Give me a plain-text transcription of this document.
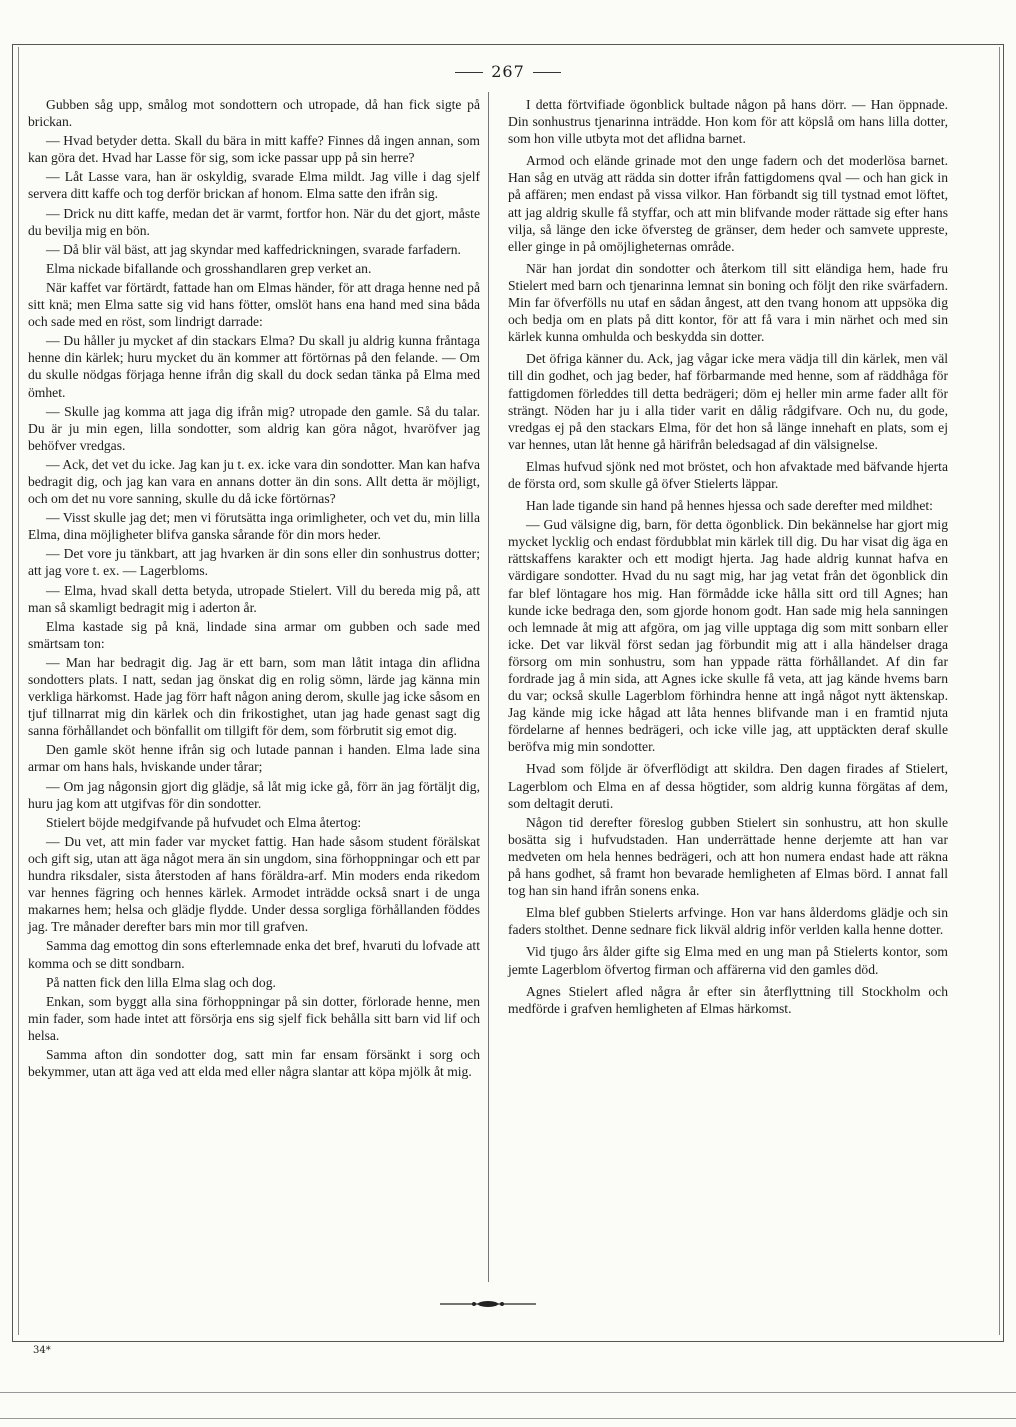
267

Gubben såg upp, smålog mot sondottern och utropade, då han fick sigte på brickan.

— Hvad betyder detta. Skall du bära in mitt kaffe? Finnes då ingen annan, som kan göra det. Hvad har Lasse för sig, som icke passar upp på sin herre?

— Låt Lasse vara, han är oskyldig, svarade Elma mildt. Jag ville i dag sjelf servera ditt kaffe och tog derför brickan af honom. Elma satte den ifrån sig.

— Drick nu ditt kaffe, medan det är varmt, fortfor hon. När du det gjort, måste du bevilja mig en bön.

— Då blir väl bäst, att jag skyndar med kaffedrickningen, svarade farfadern.

Elma nickade bifallande och grosshandlaren grep verket an.

När kaffet var förtärdt, fattade han om Elmas händer, för att draga henne ned på sitt knä; men Elma satte sig vid hans fötter, omslöt hans ena hand med sina båda och sade med en röst, som lindrigt darrade:

— Du håller ju mycket af din stackars Elma? Du skall ju aldrig kunna fråntaga henne din kärlek; huru mycket du än kommer att förtörnas på den felande. — Om du skulle nödgas förjaga henne ifrån dig skall du dock sedan tänka på Elma med ömhet.

— Skulle jag komma att jaga dig ifrån mig? utropade den gamle. Så du talar. Du är ju min egen, lilla sondotter, som aldrig kan göra något, hvaröfver jag behöfver vredgas.

— Ack, det vet du icke. Jag kan ju t. ex. icke vara din sondotter. Man kan hafva bedragit dig, och jag kan vara en annans dotter än din sons. Allt detta är möjligt, och om det nu vore sanning, skulle du då icke förtörnas?

— Visst skulle jag det; men vi förutsätta inga orimligheter, och vet du, min lilla Elma, dina möjligheter blifva ganska sårande för din mors heder.

— Det vore ju tänkbart, att jag hvarken är din sons eller din sonhustrus dotter; att jag vore t. ex. — Lagerbloms.

— Elma, hvad skall detta betyda, utropade Stielert. Vill du bereda mig på, att man så skamligt bedragit mig i aderton år.

Elma kastade sig på knä, lindade sina armar om gubben och sade med smärtsam ton:

— Man har bedragit dig. Jag är ett barn, som man låtit intaga din aflidna sondotters plats. I natt, sedan jag önskat dig en rolig sömn, lärde jag känna min verkliga härkomst. Hade jag förr haft någon aning derom, skulle jag icke såsom en tjuf tillnarrat mig din kärlek och din frikostighet, utan jag hade genast sagt dig sanna förhållandet och bönfallit om tillgift för dem, som förbrutit sig emot dig.

Den gamle sköt henne ifrån sig och lutade pannan i handen. Elma lade sina armar om hans hals, hviskande under tårar;

— Om jag någonsin gjort dig glädje, så låt mig icke gå, förr än jag förtäljt dig, huru jag kom att utgifvas för din sondotter.

Stielert böjde medgifvande på hufvudet och Elma återtog:

— Du vet, att min fader var mycket fattig. Han hade såsom student förälskat och gift sig, utan att äga något mera än sin ungdom, sina förhoppningar och ett par hundra riksdaler, sista återstoden af hans föräldra-arf. Min moders enda rikedom var hennes fägring och hennes kärlek. Armodet inträdde också snart i de unga makarnes hem; helsa och glädje flydde. Under dessa sorgliga förhållanden föddes jag. Tre månader derefter bars min mor till grafven.

Samma dag emottog din sons efterlemnade enka det bref, hvaruti du lofvade att komma och se ditt sondbarn.

På natten fick den lilla Elma slag och dog.

Enkan, som byggt alla sina förhoppningar på sin dotter, förlorade henne, men min fader, som hade intet att försörja ens sig sjelf fick behålla sitt barn vid lif och helsa.

Samma afton din sondotter dog, satt min far ensam försänkt i sorg och bekymmer, utan att äga ved att elda med eller några slantar att köpa mjölk åt mig.

I detta förtvifiade ögonblick bultade någon på hans dörr. — Han öppnade. Din sonhustrus tjenarinna inträdde. Hon kom för att köpslå om hans lilla dotter, som hon ville utbyta mot det aflidna barnet.

Armod och elände grinade mot den unge fadern och det moderlösa barnet. Han såg en utväg att rädda sin dotter ifrån fattigdomens qval — och han gick in på affären; men endast på vissa vilkor. Han förbandt sig till tystnad emot löftet, att jag aldrig skulle få styffar, och att min blifvande moder rättade sig efter hans vilja, så länge den icke öfversteg de gränser, dem heder och samvete uppreste, eller ginge in på omöjligheternas område.

När han jordat din sondotter och återkom till sitt eländiga hem, hade fru Stielert med barn och tjenarinna lemnat sin boning och följt den rike svärfadern. Min far öfverfölls nu utaf en sådan ångest, att den tvang honom att uppsöka dig och bedja om en plats på ditt kontor, för att få vara i min närhet och med sin kärlek kunna omhulda och beskydda sin dotter.

Det öfriga känner du. Ack, jag vågar icke mera vädja till din kärlek, men väl till din godhet, och jag beder, haf förbarmande med henne, som af räddhåga för fattigdomen förleddes till detta bedrägeri; döm ej heller min arme fader allt för strängt. Nöden har ju i alla tider varit en dålig rådgifvare. Och nu, du gode, vredgas ej på den stackars Elma, för det hon så länge innehaft en plats, som ej var hennes, utan låt henne gå härifrån beledsagad af din välsignelse.

Elmas hufvud sjönk ned mot bröstet, och hon afvaktade med bäfvande hjerta de första ord, som skulle gå öfver Stielerts läppar.

Han lade tigande sin hand på hennes hjessa och sade derefter med mildhet:

— Gud välsigne dig, barn, för detta ögonblick. Din bekännelse har gjort mig mycket lycklig och endast fördubblat min kärlek till dig. Du har visat dig äga en rättskaffens karakter och ett modigt hjerta. Jag hade aldrig kunnat hafva en värdigare sondotter. Hvad du nu sagt mig, har jag vetat från det ögonblick din far blef löntagare hos mig. Han förmådde icke hålla sitt ord till Agnes; han kunde icke bedraga den, som gjorde honom godt. Han sade mig hela sanningen och lemnade åt mig att afgöra, om jag ville upptaga dig som mitt sonbarn eller icke. Det var likväl först sedan jag förbundit mig att i alla händelser draga försorg om min sonhustru, som han yppade rätta förhållandet. Af din far fordrade jag å min sida, att Agnes icke skulle få veta, att jag kände hvems barn du var; också skulle Lagerblom förhindra henne att ingå något nytt äktenskap. Jag kände mig icke hågad att låta hennes blifvande man i en framtid njuta fördelarne af hennes bedrägeri, och icke ville jag, att upptäckten deraf skulle beröfva mig min sondotter.

Hvad som följde är öfverflödigt att skildra. Den dagen firades af Stielert, Lagerblom och Elma en af dessa högtider, som aldrig kunna förgätas af dem, som deltagit deruti.

Någon tid derefter föreslog gubben Stielert sin sonhustru, att hon skulle bosätta sig i hufvudstaden. Han underrättade henne derjemte att han var medveten om hela hennes bedrägeri, och att hon numera endast hade att räkna på hans godhet, så framt hon bevarade hemligheten af Elmas börd. I annat fall tog han sin hand ifrån sonens enka.

Elma blef gubben Stielerts arfvinge. Hon var hans ålderdoms glädje och sin faders stolthet. Denne sednare fick likväl aldrig inför verlden kalla henne dotter.

Vid tjugo års ålder gifte sig Elma med en ung man på Stielerts kontor, som jemte Lagerblom öfvertog firman och affärerna vid den gamles död.

Agnes Stielert afled några år efter sin återflyttning till Stockholm och medförde i grafven hemligheten af Elmas härkomst.

34*
